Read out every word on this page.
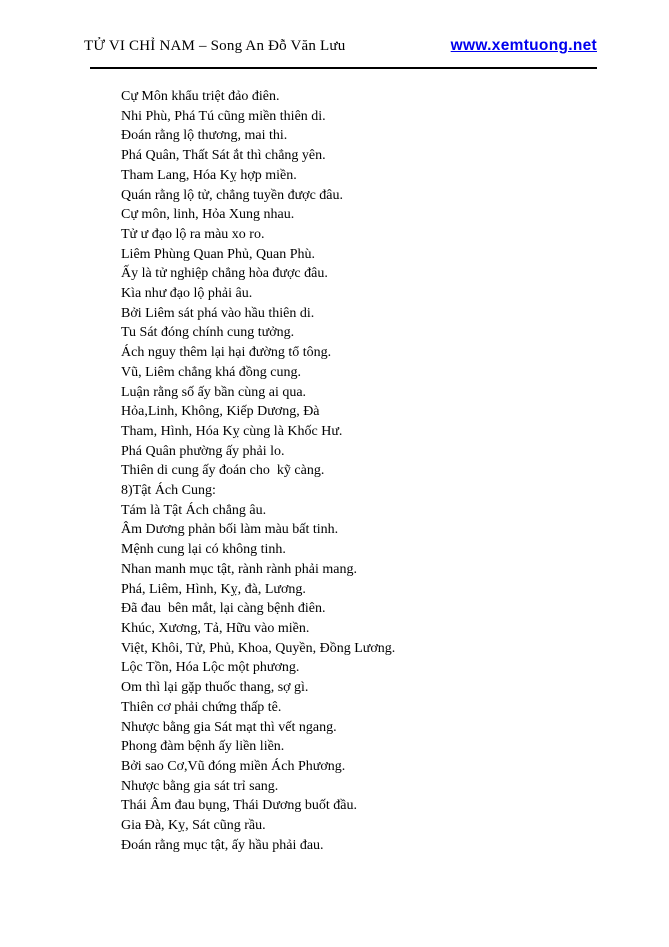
TỬ VI CHỈ NAM – Song An Đỗ Văn Lưu	www.xemtuong.net
Cự Môn khẩu triệt đảo điên.
Nhi Phù, Phá Tú cũng miền thiên di.
Đoán rằng lộ thương, mai thi.
Phá Quân, Thất Sát ắt thì chẳng yên.
Tham Lang, Hóa Kỵ hợp miền.
Quán rằng lộ tử, chẳng tuyền được đâu.
Cự môn, linh, Hỏa Xung nhau.
Tử ư đạo lộ ra màu xo ro.
Liêm Phùng Quan Phủ, Quan Phù.
Ấy là tử nghiệp chẳng hòa được đâu.
Kìa như đạo lộ phải âu.
Bởi Liêm sát phá vào hầu thiên di.
Tu Sát đóng chính cung tưởng.
Ách nguy thêm lại hại đường tổ tông.
Vũ, Liêm chẳng khá đồng cung.
Luận rằng số ấy bần cùng ai qua.
Hỏa,Linh, Không, Kiếp Dương, Đà
Tham, Hình, Hóa Kỵ cùng là Khốc Hư.
Phá Quân phường ấy phải lo.
Thiên di cung ấy đoán cho  kỹ càng.
8)Tật Ách Cung:
Tám là Tật Ách chẳng âu.
Âm Dương phản bối làm màu bất tinh.
Mệnh cung lại có không tinh.
Nhan manh mục tật, rành rành phải mang.
Phá, Liêm, Hình, Kỵ, đà, Lương.
Đã đau  bên mắt, lại càng bệnh điên.
Khúc, Xương, Tả, Hữu vào miền.
Việt, Khôi, Tử, Phủ, Khoa, Quyền, Đồng Lương.
Lộc Tồn, Hóa Lộc một phương.
Om thì lại gặp thuốc thang, sợ gì.
Thiên cơ phải chứng thấp tê.
Nhược bằng gia Sát mạt thì vết ngang.
Phong đàm bệnh ấy liền liền.
Bởi sao Cơ,Vũ đóng miền Ách Phương.
Nhược bằng gia sát trỉ sang.
Thái Âm đau bụng, Thái Dương buốt đầu.
Gia Đà, Kỵ, Sát cũng rầu.
Đoán rằng mục tật, ấy hầu phải đau.
